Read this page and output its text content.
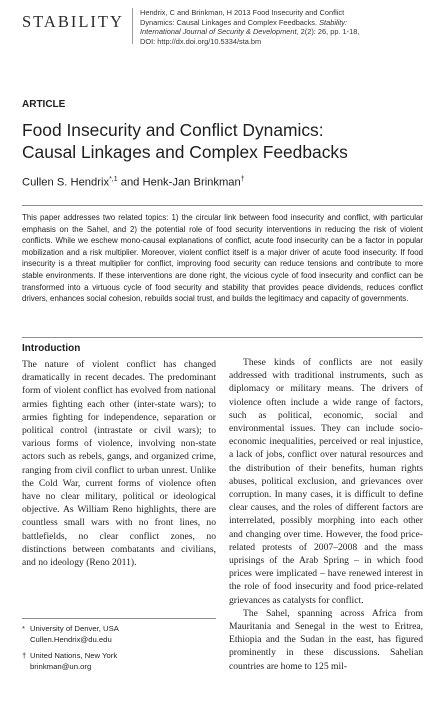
STABILITY Hendrix, C and Brinkman, H 2013 Food Insecurity and Conflict
Dynamics: Causal Linkages and Complex Feedbacks. Stability:
International Journal of Security & Development, 2(2): 26, pp. 1-18,
DOI: http://dx.doi.org/10.5334/sta.bm
ARTICLE
Food Insecurity and Conflict Dynamics:
Causal Linkages and Complex Feedbacks
Cullen S. Hendrix$^{*,1}$ and Henk-Jan Brinkman†
This paper addresses two related topics: 1) the circular link between food insecurity and conflict, with particular emphasis on the Sahel, and 2) the potential role of food security interventions in reducing the risk of violent conflicts. While we eschew mono-causal explanations of conflict, acute food insecurity can be a factor in popular mobilization and a risk multiplier. Moreover, violent conflict itself is a major driver of acute food insecurity. If food insecurity is a threat multiplier for conflict, improving food security can reduce tensions and contribute to more stable environments. If these interventions are done right, the vicious cycle of food insecurity and conflict can be transformed into a virtuous cycle of food security and stability that provides peace dividends, reduces conflict drivers, enhances social cohesion, rebuilds social trust, and builds the legitimacy and capacity of governments.
Introduction

The nature of violent conflict has changed dramatically in recent decades. The predominant form of violent conflict has evolved from national armies fighting each other (inter-state wars); to armies fighting for independence, separation or political control (intrastate or civil wars); to various forms of violence, involving non-state actors such as rebels, gangs, and organized crime, ranging from civil conflict to urban unrest. Unlike the Cold War, current forms of violence often have no clear military, political or ideological objective. As William Reno highlights, there are countless small wars with no front lines, no battlefields, no clear conflict zones, no distinctions between combatants and civilians, and no ideology (Reno 2011).

These kinds of conflicts are not easily addressed with traditional instruments, such as diplomacy or military means. The drivers of violence often include a wide range of factors, such as political, economic, social and environmental issues. They can include socio-economic inequalities, perceived or real injustice, a lack of jobs, conflict over natural resources and the distribution of their benefits, human rights abuses, political exclusion, and grievances over corruption. In many cases, it is difficult to define clear causes, and the roles of different factors are interrelated, possibly morphing into each other and changing over time. However, the food price-related protests of 2007–2008 and the mass uprisings of the Arab Spring – in which food prices were implicated – have renewed interest in the role of food insecurity and food price-related grievances as catalysts for conflict.

The Sahel, spanning across Africa from Mauritania and Senegal in the west to Eritrea, Ethiopia and the Sudan in the east, has figured prominently in these discussions. Sahelian countries are home to 125 mil-

* University of Denver, USA
Cullen.Hendrix@du.edu
† United Nations, New York
brinkman@un.org
